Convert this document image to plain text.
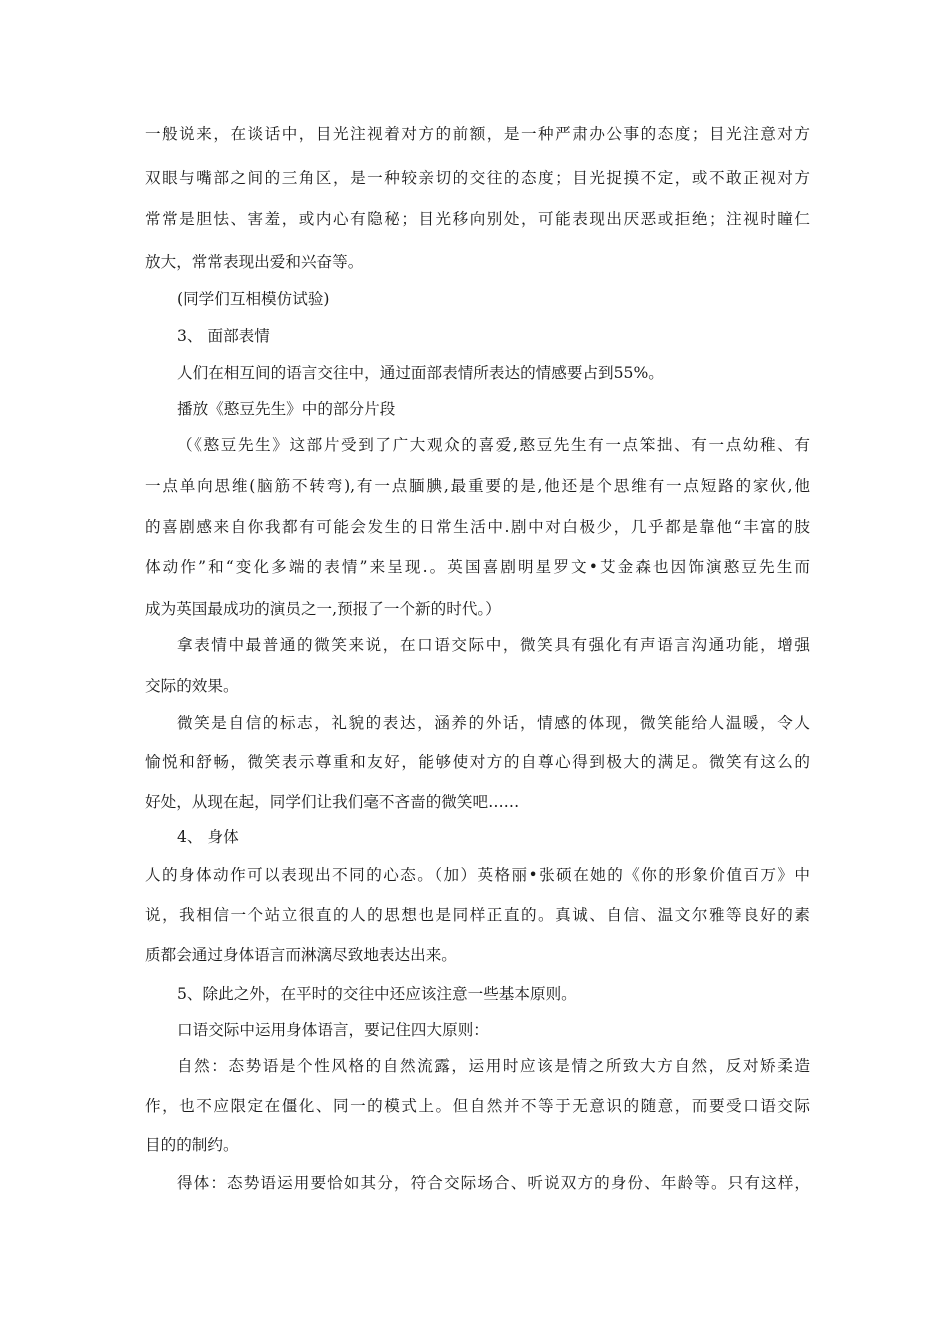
一般说来，在谈话中，目光注视着对方的前额，是一种严肃办公事的态度；目光注意对方
双眼与嘴部之间的三角区，是一种较亲切的交往的态度；目光捉摸不定，或不敢正视对方
常常是胆怯、害羞，或内心有隐秘；目光移向别处，可能表现出厌恶或拒绝；注视时瞳仁
放大，常常表现出爱和兴奋等。
(同学们互相模仿试验)
3、 面部表情
人们在相互间的语言交往中，通过面部表情所表达的情感要占到55%。
播放《憨豆先生》中的部分片段
（《憨豆先生》这部片受到了广大观众的喜爱,憨豆先生有一点笨拙、有一点幼稚、有
一点单向思维(脑筋不转弯),有一点腼腆,最重要的是,他还是个思维有一点短路的家伙,他
的喜剧感来自你我都有可能会发生的日常生活中.剧中对白极少，几乎都是靠他“丰富的肢
体动作”和“变化多端的表情”来呈现.。英国喜剧明星罗文•艾金森也因饰演憨豆先生而
成为英国最成功的演员之一,预报了一个新的时代。）
拿表情中最普通的微笑来说，在口语交际中，微笑具有强化有声语言沟通功能，增强
交际的效果。
微笑是自信的标志，礼貌的表达，涵养的外话，情感的体现，微笑能给人温暖，令人
愉悦和舒畅，微笑表示尊重和友好，能够使对方的自尊心得到极大的满足。微笑有这么的
好处，从现在起，同学们让我们毫不吝啬的微笑吧……
4、 身体
人的身体动作可以表现出不同的心态。（加）英格丽•张硕在她的《你的形象价值百万》中
说，我相信一个站立很直的人的思想也是同样正直的。真诚、自信、温文尔雅等良好的素
质都会通过身体语言而淋漓尽致地表达出来。
5、除此之外，在平时的交往中还应该注意一些基本原则。
口语交际中运用身体语言，要记住四大原则：
自然：态势语是个性风格的自然流露，运用时应该是情之所致大方自然，反对矫柔造
作，也不应限定在僵化、同一的模式上。但自然并不等于无意识的随意，而要受口语交际
目的的制约。
得体：态势语运用要恰如其分，符合交际场合、听说双方的身份、年龄等。只有这样，
